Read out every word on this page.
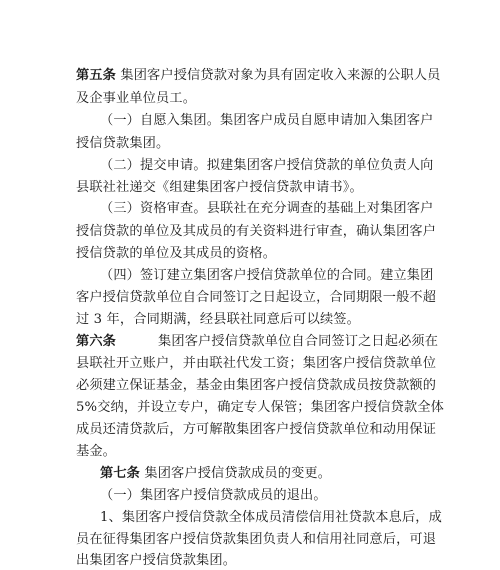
第五条 集团客户授信贷款对象为具有固定收入来源的公职人员
及企事业单位员工。
（一）自愿入集团。集团客户成员自愿申请加入集团客户
授信贷款集团。
（二）提交申请。拟建集团客户授信贷款的单位负责人向
县联社社递交《组建集团客户授信贷款申请书》。
（三）资格审查。县联社在充分调查的基础上对集团客户
授信贷款的单位及其成员的有关资料进行审查，确认集团客户
授信贷款的单位及其成员的资格。
（四）签订建立集团客户授信贷款单位的合同。建立集团
客户授信贷款单位自合同签订之日起设立，合同期限一般不超
过 3 年，合同期满，经县联社同意后可以续签。
第六条	集团客户授信贷款单位自合同签订之日起必须在
县联社开立账户，并由联社代发工资；集团客户授信贷款单位
必须建立保证基金，基金由集团客户授信贷款成员按贷款额的
5%交纳，并设立专户，确定专人保管；集团客户授信贷款全体
成员还清贷款后，方可解散集团客户授信贷款单位和动用保证
基金。
第七条 集团客户授信贷款成员的变更。
（一）集团客户授信贷款成员的退出。
1、集团客户授信贷款全体成员清偿信用社贷款本息后，成
员在征得集团客户授信贷款集团负责人和信用社同意后，可退
出集团客户授信贷款集团。
